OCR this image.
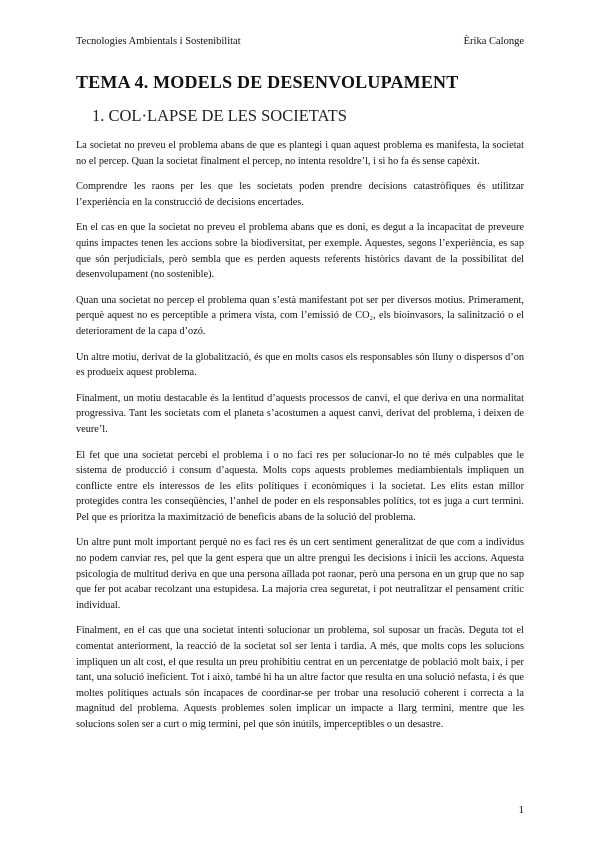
Tecnologies Ambientals i Sostenibilitat	Èrika Calonge
TEMA 4. MODELS DE DESENVOLUPAMENT
1. COL·LAPSE DE LES SOCIETATS

La societat no preveu el problema abans de que es plantegi i quan aquest problema es manifesta, la societat no el percep. Quan la societat finalment el percep, no intenta resoldre’l, i si ho fa és sense capèxit.

Comprendre les raons per les que les societats poden prendre decisions catastròfiques és utilitzar l’experiència en la construcció de decisions encertades.

En el cas en que la societat no preveu el problema abans que es doni, es degut a la incapacitat de preveure quins impactes tenen les accions sobre la biodiversitat, per exemple. Aquestes, segons l’experiència, es sap que són perjudicials, però sembla que es perden aquests referents històrics davant de la possibilitat del desenvolupament (no sostenible).

Quan una societat no percep el problema quan s’està manifestant pot ser per diversos motius. Primerament, perquè aquest no es perceptible a primera vista, com l’emissió de CO₂, els bioinvasors, la salinització o el deteriorament de la capa d’ozó.

Un altre motiu, derivat de la globalització, és que en molts casos els responsables són lluny o dispersos d’on es produeix aquest problema.

Finalment, un motiu destacable és la lentitud d’aquests processos de canvi, el que deriva en una normalitat progressiva. Tant les societats com el planeta s’acostumen a aquest canvi, derivat del problema, i deixen de veure’l.

El fet que una societat percebi el problema i o no faci res per solucionar-lo no té més culpables que le sistema de producció i consum d’aquesta. Molts cops aquests problemes mediambientals impliquen un conflicte entre els interessos de les elits polítiques i econòmiques i la societat. Les elits estan millor protegides contra les conseqüències, l’anhel de poder en els responsables polítics, tot es juga a curt termini. Pel que es prioritza la maximització de beneficis abans de la solució del problema.

Un altre punt molt important perquè no es faci res és un cert sentiment generalitzat de que com a individus no podem canviar res, pel que la gent espera que un altre prengui les decisions i inicii les accions. Aquesta psicologia de multitud deriva en que una persona aïllada pot raonar, però una persona en un grup que no sap que fer pot acabar recolzant una estupidesa. La majoria crea seguretat, i pot neutralitzar el pensament crític individual.

Finalment, en el cas que una societat intenti solucionar un problema, sol suposar un fracàs. Deguta tot el comentat anteriorment, la reacció de la societat sol ser lenta i tardia. A més, que molts cops les solucions impliquen un alt cost, el que resulta un preu prohibitiu centrat en un percentatge de població molt baix, i per tant, una solució ineficient. Tot i això, també hi ha un altre factor que resulta en una solució nefasta, i és que moltes polítiques actuals són incapaces de coordinar-se per trobar una resolució coherent i correcta a la magnitud del problema. Aquests problemes solen implicar un impacte a llarg termini, mentre que les solucions solen ser a curt o mig termini, pel que són inútils, imperceptibles o un desastre.

1
